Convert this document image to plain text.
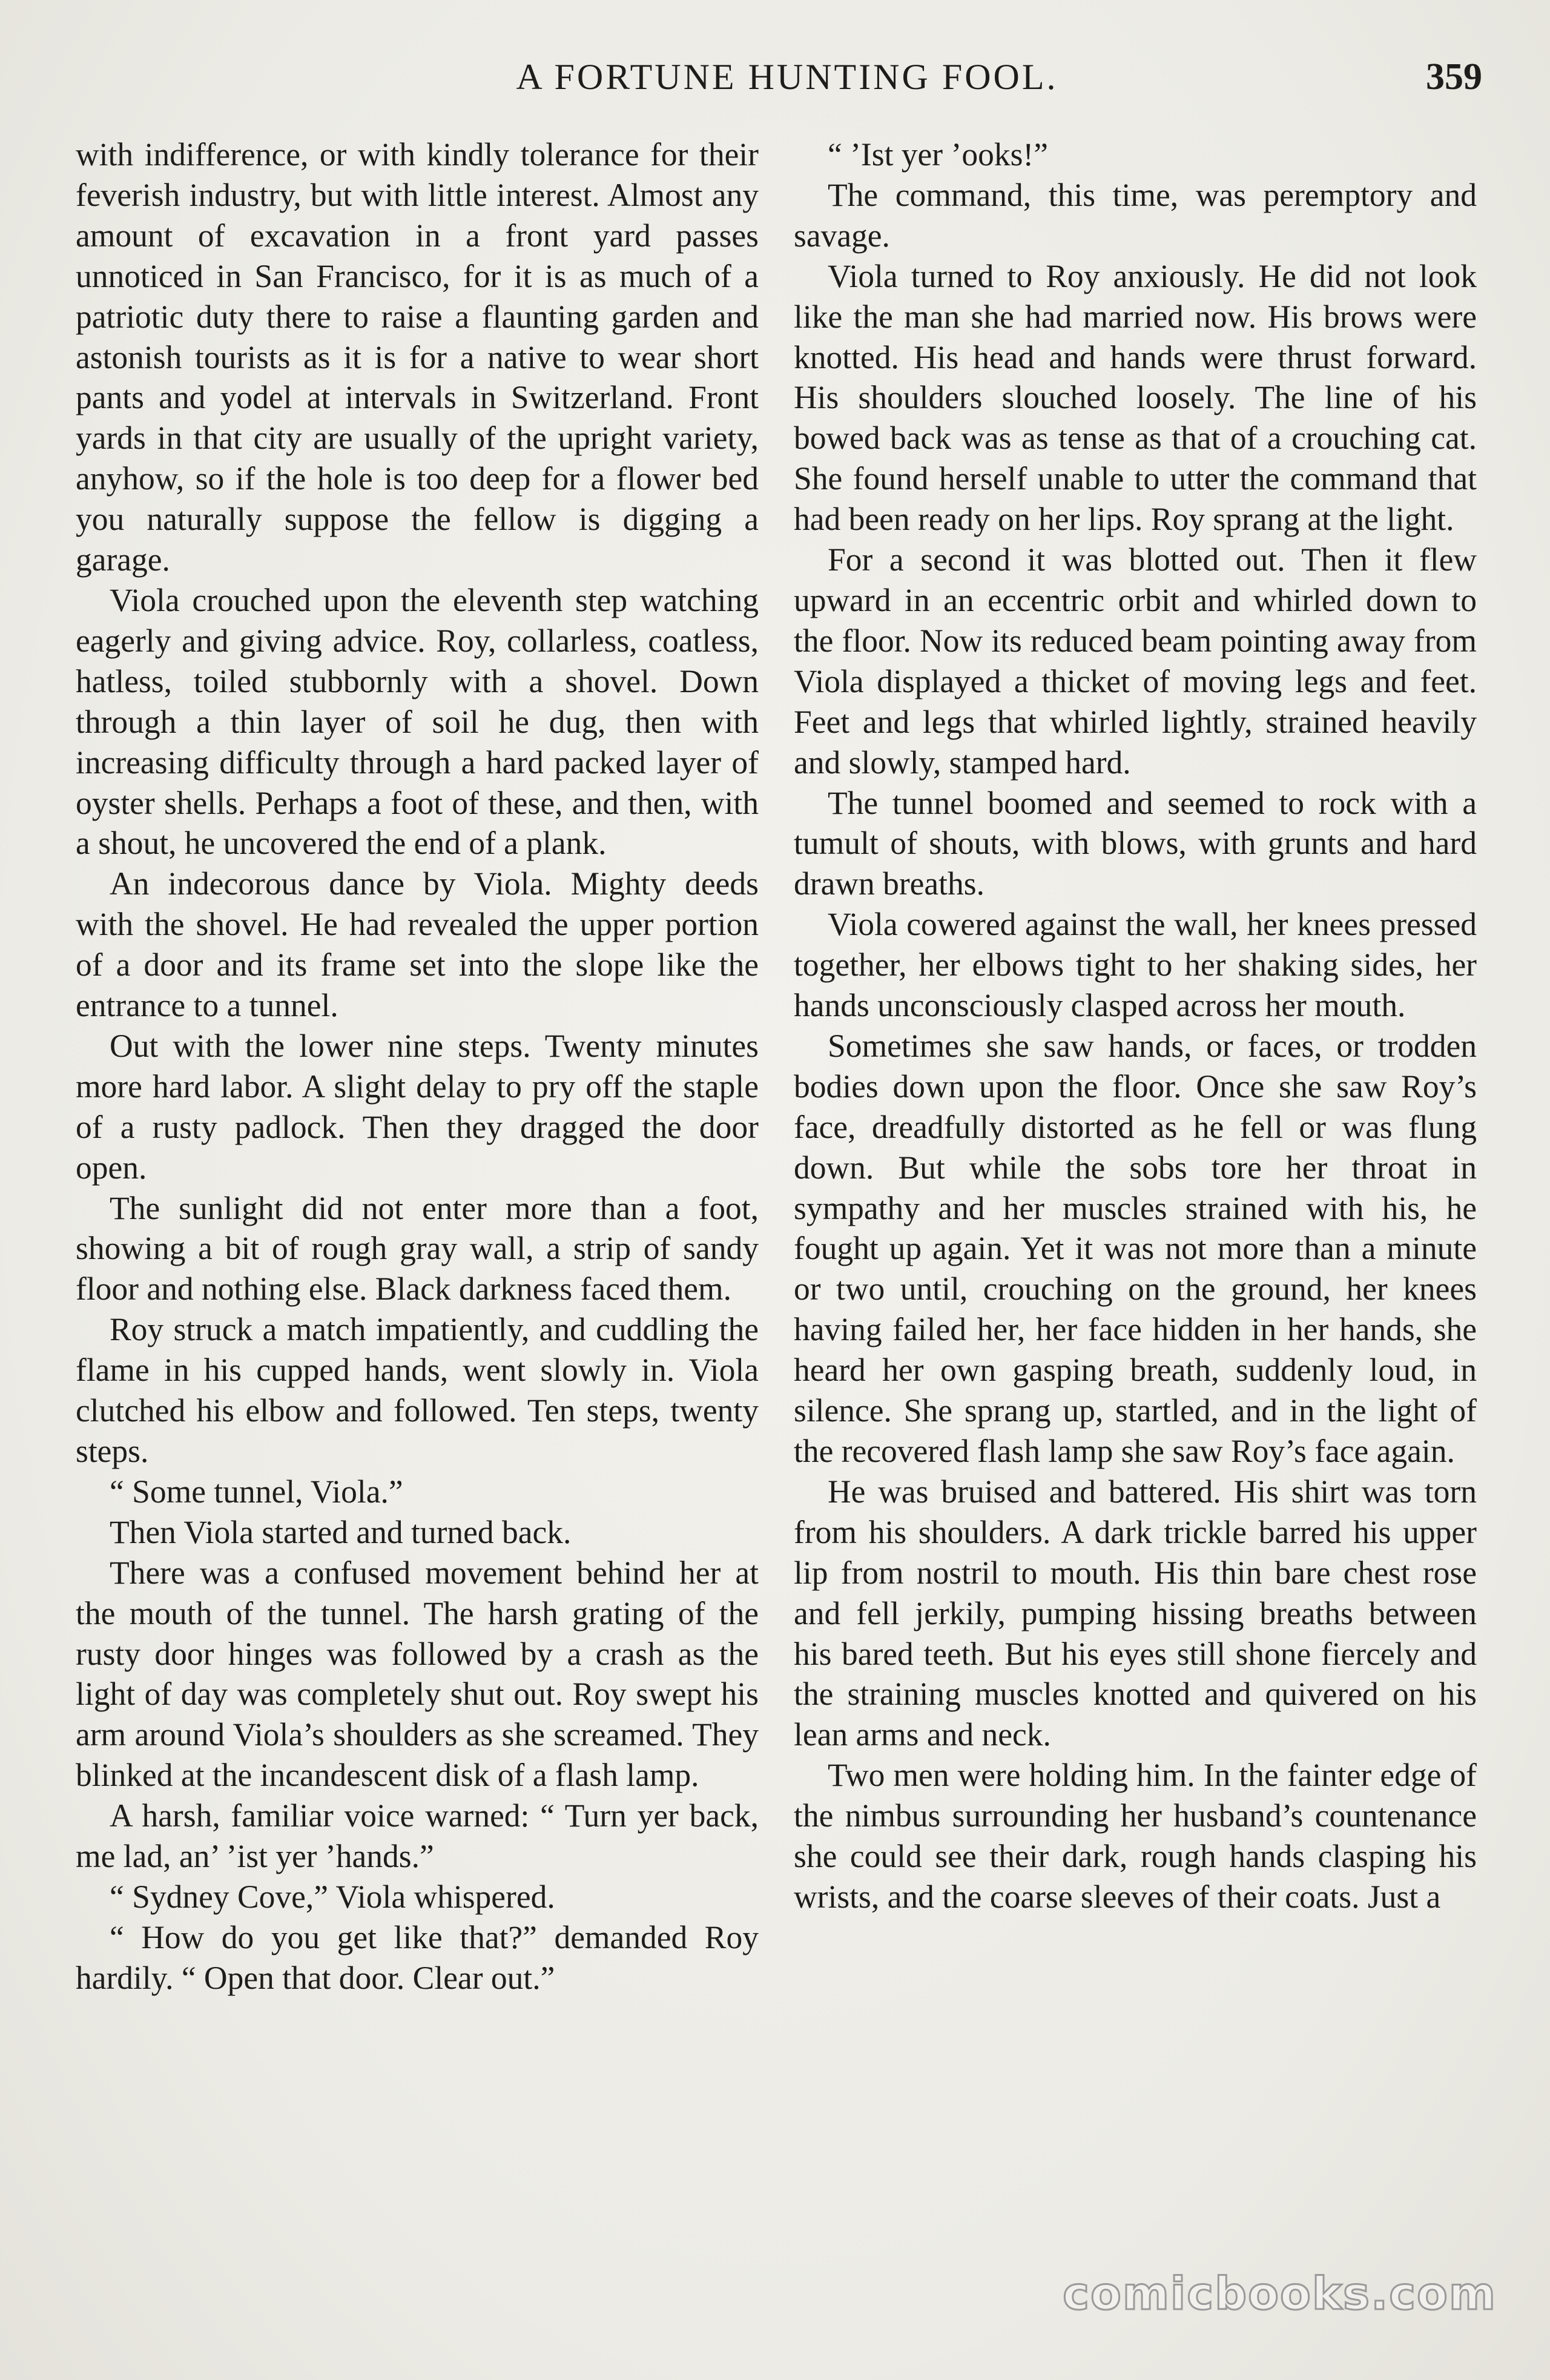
A FORTUNE HUNTING FOOL.	359

with indifference, or with kindly tolerance for their feverish industry, but with little interest. Almost any amount of excavation in a front yard passes unnoticed in San Francisco, for it is as much of a patriotic duty there to raise a flaunting garden and astonish tourists as it is for a native to wear short pants and yodel at intervals in Switzerland. Front yards in that city are usually of the upright variety, anyhow, so if the hole is too deep for a flower bed you naturally suppose the fellow is digging a garage.

Viola crouched upon the eleventh step watching eagerly and giving advice. Roy, collarless, coatless, hatless, toiled stubbornly with a shovel. Down through a thin layer of soil he dug, then with increasing difficulty through a hard packed layer of oyster shells. Perhaps a foot of these, and then, with a shout, he uncovered the end of a plank.

An indecorous dance by Viola. Mighty deeds with the shovel. He had revealed the upper portion of a door and its frame set into the slope like the entrance to a tunnel.

Out with the lower nine steps. Twenty minutes more hard labor. A slight delay to pry off the staple of a rusty padlock. Then they dragged the door open.

The sunlight did not enter more than a foot, showing a bit of rough gray wall, a strip of sandy floor and nothing else. Black darkness faced them.

Roy struck a match impatiently, and cuddling the flame in his cupped hands, went slowly in. Viola clutched his elbow and followed. Ten steps, twenty steps.

“ Some tunnel, Viola.”

Then Viola started and turned back.

There was a confused movement behind her at the mouth of the tunnel. The harsh grating of the rusty door hinges was followed by a crash as the light of day was completely shut out. Roy swept his arm around Viola’s shoulders as she screamed. They blinked at the incandescent disk of a flash lamp.

A harsh, familiar voice warned: “ Turn yer back, me lad, an’ ’ist yer ’hands.”

“ Sydney Cove,” Viola whispered.

“ How do you get like that?” demanded Roy hardily. “ Open that door. Clear out.”

“ ’Ist yer ’ooks!”

The command, this time, was peremptory and savage.

Viola turned to Roy anxiously. He did not look like the man she had married now. His brows were knotted. His head and hands were thrust forward. His shoulders slouched loosely. The line of his bowed back was as tense as that of a crouching cat. She found herself unable to utter the command that had been ready on her lips. Roy sprang at the light.

For a second it was blotted out. Then it flew upward in an eccentric orbit and whirled down to the floor. Now its reduced beam pointing away from Viola displayed a thicket of moving legs and feet. Feet and legs that whirled lightly, strained heavily and slowly, stamped hard.

The tunnel boomed and seemed to rock with a tumult of shouts, with blows, with grunts and hard drawn breaths.

Viola cowered against the wall, her knees pressed together, her elbows tight to her shaking sides, her hands unconsciously clasped across her mouth.

Sometimes she saw hands, or faces, or trodden bodies down upon the floor. Once she saw Roy’s face, dreadfully distorted as he fell or was flung down. But while the sobs tore her throat in sympathy and her muscles strained with his, he fought up again. Yet it was not more than a minute or two until, crouching on the ground, her knees having failed her, her face hidden in her hands, she heard her own gasping breath, suddenly loud, in silence. She sprang up, startled, and in the light of the recovered flash lamp she saw Roy’s face again.

He was bruised and battered. His shirt was torn from his shoulders. A dark trickle barred his upper lip from nostril to mouth. His thin bare chest rose and fell jerkily, pumping hissing breaths between his bared teeth. But his eyes still shone fiercely and the straining muscles knotted and quivered on his lean arms and neck.

Two men were holding him. In the fainter edge of the nimbus surrounding her husband’s countenance she could see their dark, rough hands clasping his wrists, and the coarse sleeves of their coats. Just a

comicbooks.com
